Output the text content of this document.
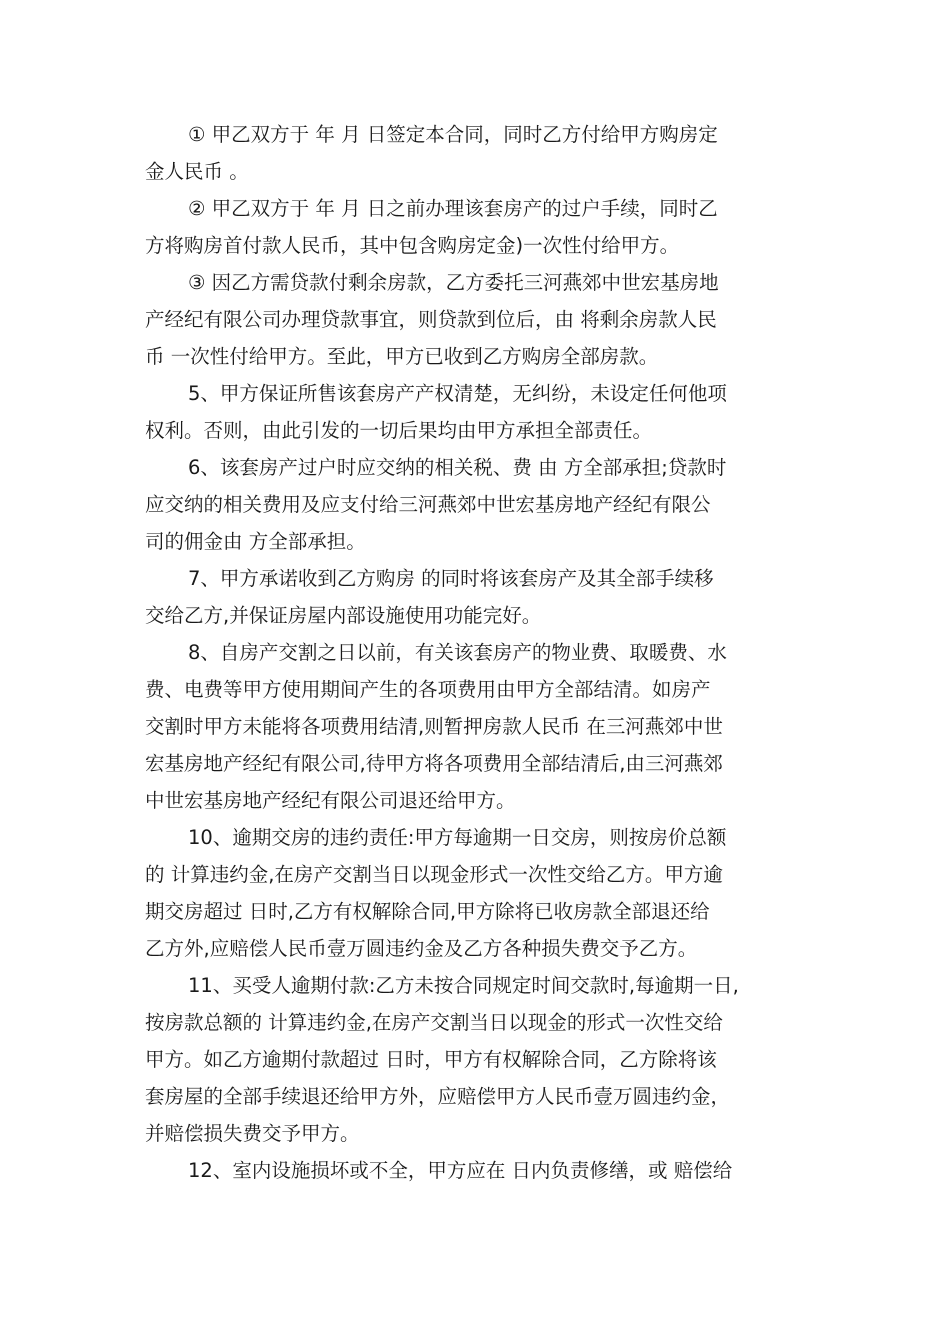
① 甲乙双方于 年 月 日签定本合同，同时乙方付给甲方购房定
金人民币 。

② 甲乙双方于 年 月 日之前办理该套房产的过户手续，同时乙
方将购房首付款人民币，其中包含购房定金)一次性付给甲方。

③ 因乙方需贷款付剩余房款，乙方委托三河燕郊中世宏基房地
产经纪有限公司办理贷款事宜，则贷款到位后，由 将剩余房款人民
币 一次性付给甲方。至此，甲方已收到乙方购房全部房款。

5、甲方保证所售该套房产产权清楚，无纠纷，未设定任何他项
权利。否则，由此引发的一切后果均由甲方承担全部责任。

6、该套房产过户时应交纳的相关税、费 由 方全部承担;贷款时
应交纳的相关费用及应支付给三河燕郊中世宏基房地产经纪有限公
司的佣金由 方全部承担。

7、甲方承诺收到乙方购房 的同时将该套房产及其全部手续移
交给乙方,并保证房屋内部设施使用功能完好。

8、自房产交割之日以前，有关该套房产的物业费、取暖费、水
费、电费等甲方使用期间产生的各项费用由甲方全部结清。如房产
交割时甲方未能将各项费用结清,则暂押房款人民币 在三河燕郊中世
宏基房地产经纪有限公司,待甲方将各项费用全部结清后,由三河燕郊
中世宏基房地产经纪有限公司退还给甲方。

10、逾期交房的违约责任:甲方每逾期一日交房，则按房价总额
的 计算违约金,在房产交割当日以现金形式一次性交给乙方。甲方逾
期交房超过 日时,乙方有权解除合同,甲方除将已收房款全部退还给
乙方外,应赔偿人民币壹万圆违约金及乙方各种损失费交予乙方。

11、买受人逾期付款:乙方未按合同规定时间交款时,每逾期一日,
按房款总额的 计算违约金,在房产交割当日以现金的形式一次性交给
甲方。如乙方逾期付款超过 日时，甲方有权解除合同，乙方除将该
套房屋的全部手续退还给甲方外，应赔偿甲方人民币壹万圆违约金，
并赔偿损失费交予甲方。

12、室内设施损坏或不全，甲方应在 日内负责修缮，或 赔偿给
